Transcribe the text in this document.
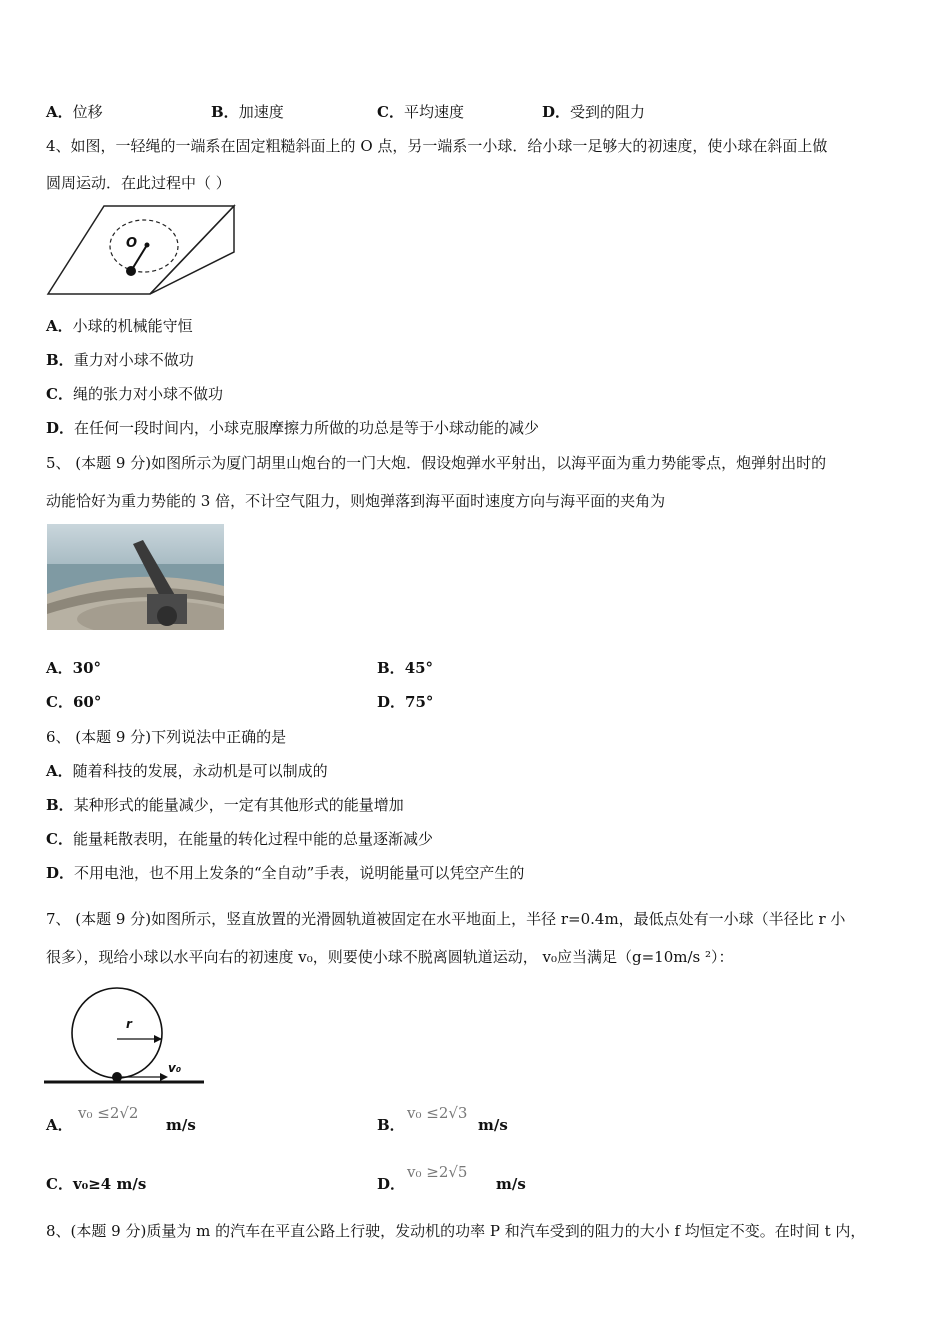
A．位移	B．加速度	C．平均速度	D．受到的阻力
4、如图，一轻绳的一端系在固定粗糙斜面上的 O 点，另一端系一小球．给小球一足够大的初速度，使小球在斜面上做
圆周运动．在此过程中（ ）
O
A．小球的机械能守恒
B．重力对小球不做功
C．绳的张力对小球不做功
D．在任何一段时间内，小球克服摩擦力所做的功总是等于小球动能的减少
5、 (本题 9 分)如图所示为厦门胡里山炮台的一门大炮．假设炮弹水平射出，以海平面为重力势能零点，炮弹射出时的
动能恰好为重力势能的 3 倍，不计空气阻力，则炮弹落到海平面时速度方向与海平面的夹角为
A．30°	B．45°
C．60°	D．75°
6、 (本题 9 分)下列说法中正确的是
A．随着科技的发展，永动机是可以制成的
B．某种形式的能量减少，一定有其他形式的能量增加
C．能量耗散表明，在能量的转化过程中能的总量逐渐减少
D．不用电池，也不用上发条的“全自动”手表，说明能量可以凭空产生的
7、 (本题 9 分)如图所示，竖直放置的光滑圆轨道被固定在水平地面上，半径 r=0.4m，最低点处有一小球（半径比 r 小
很多），现给小球以水平向右的初速度 v₀，则要使小球不脱离圆轨道运动， v₀应当满足（g=10m/s ²）：
r
v₀
A．
v₀ ≤2√2
m/s	B．
v₀ ≤2√3
m/s
C．v₀≥4 m/s	D．
v₀ ≥2√5
m/s
8、(本题 9 分)质量为 m 的汽车在平直公路上行驶，发动机的功率 P 和汽车受到的阻力的大小 f 均恒定不变。在时间 t 内，
